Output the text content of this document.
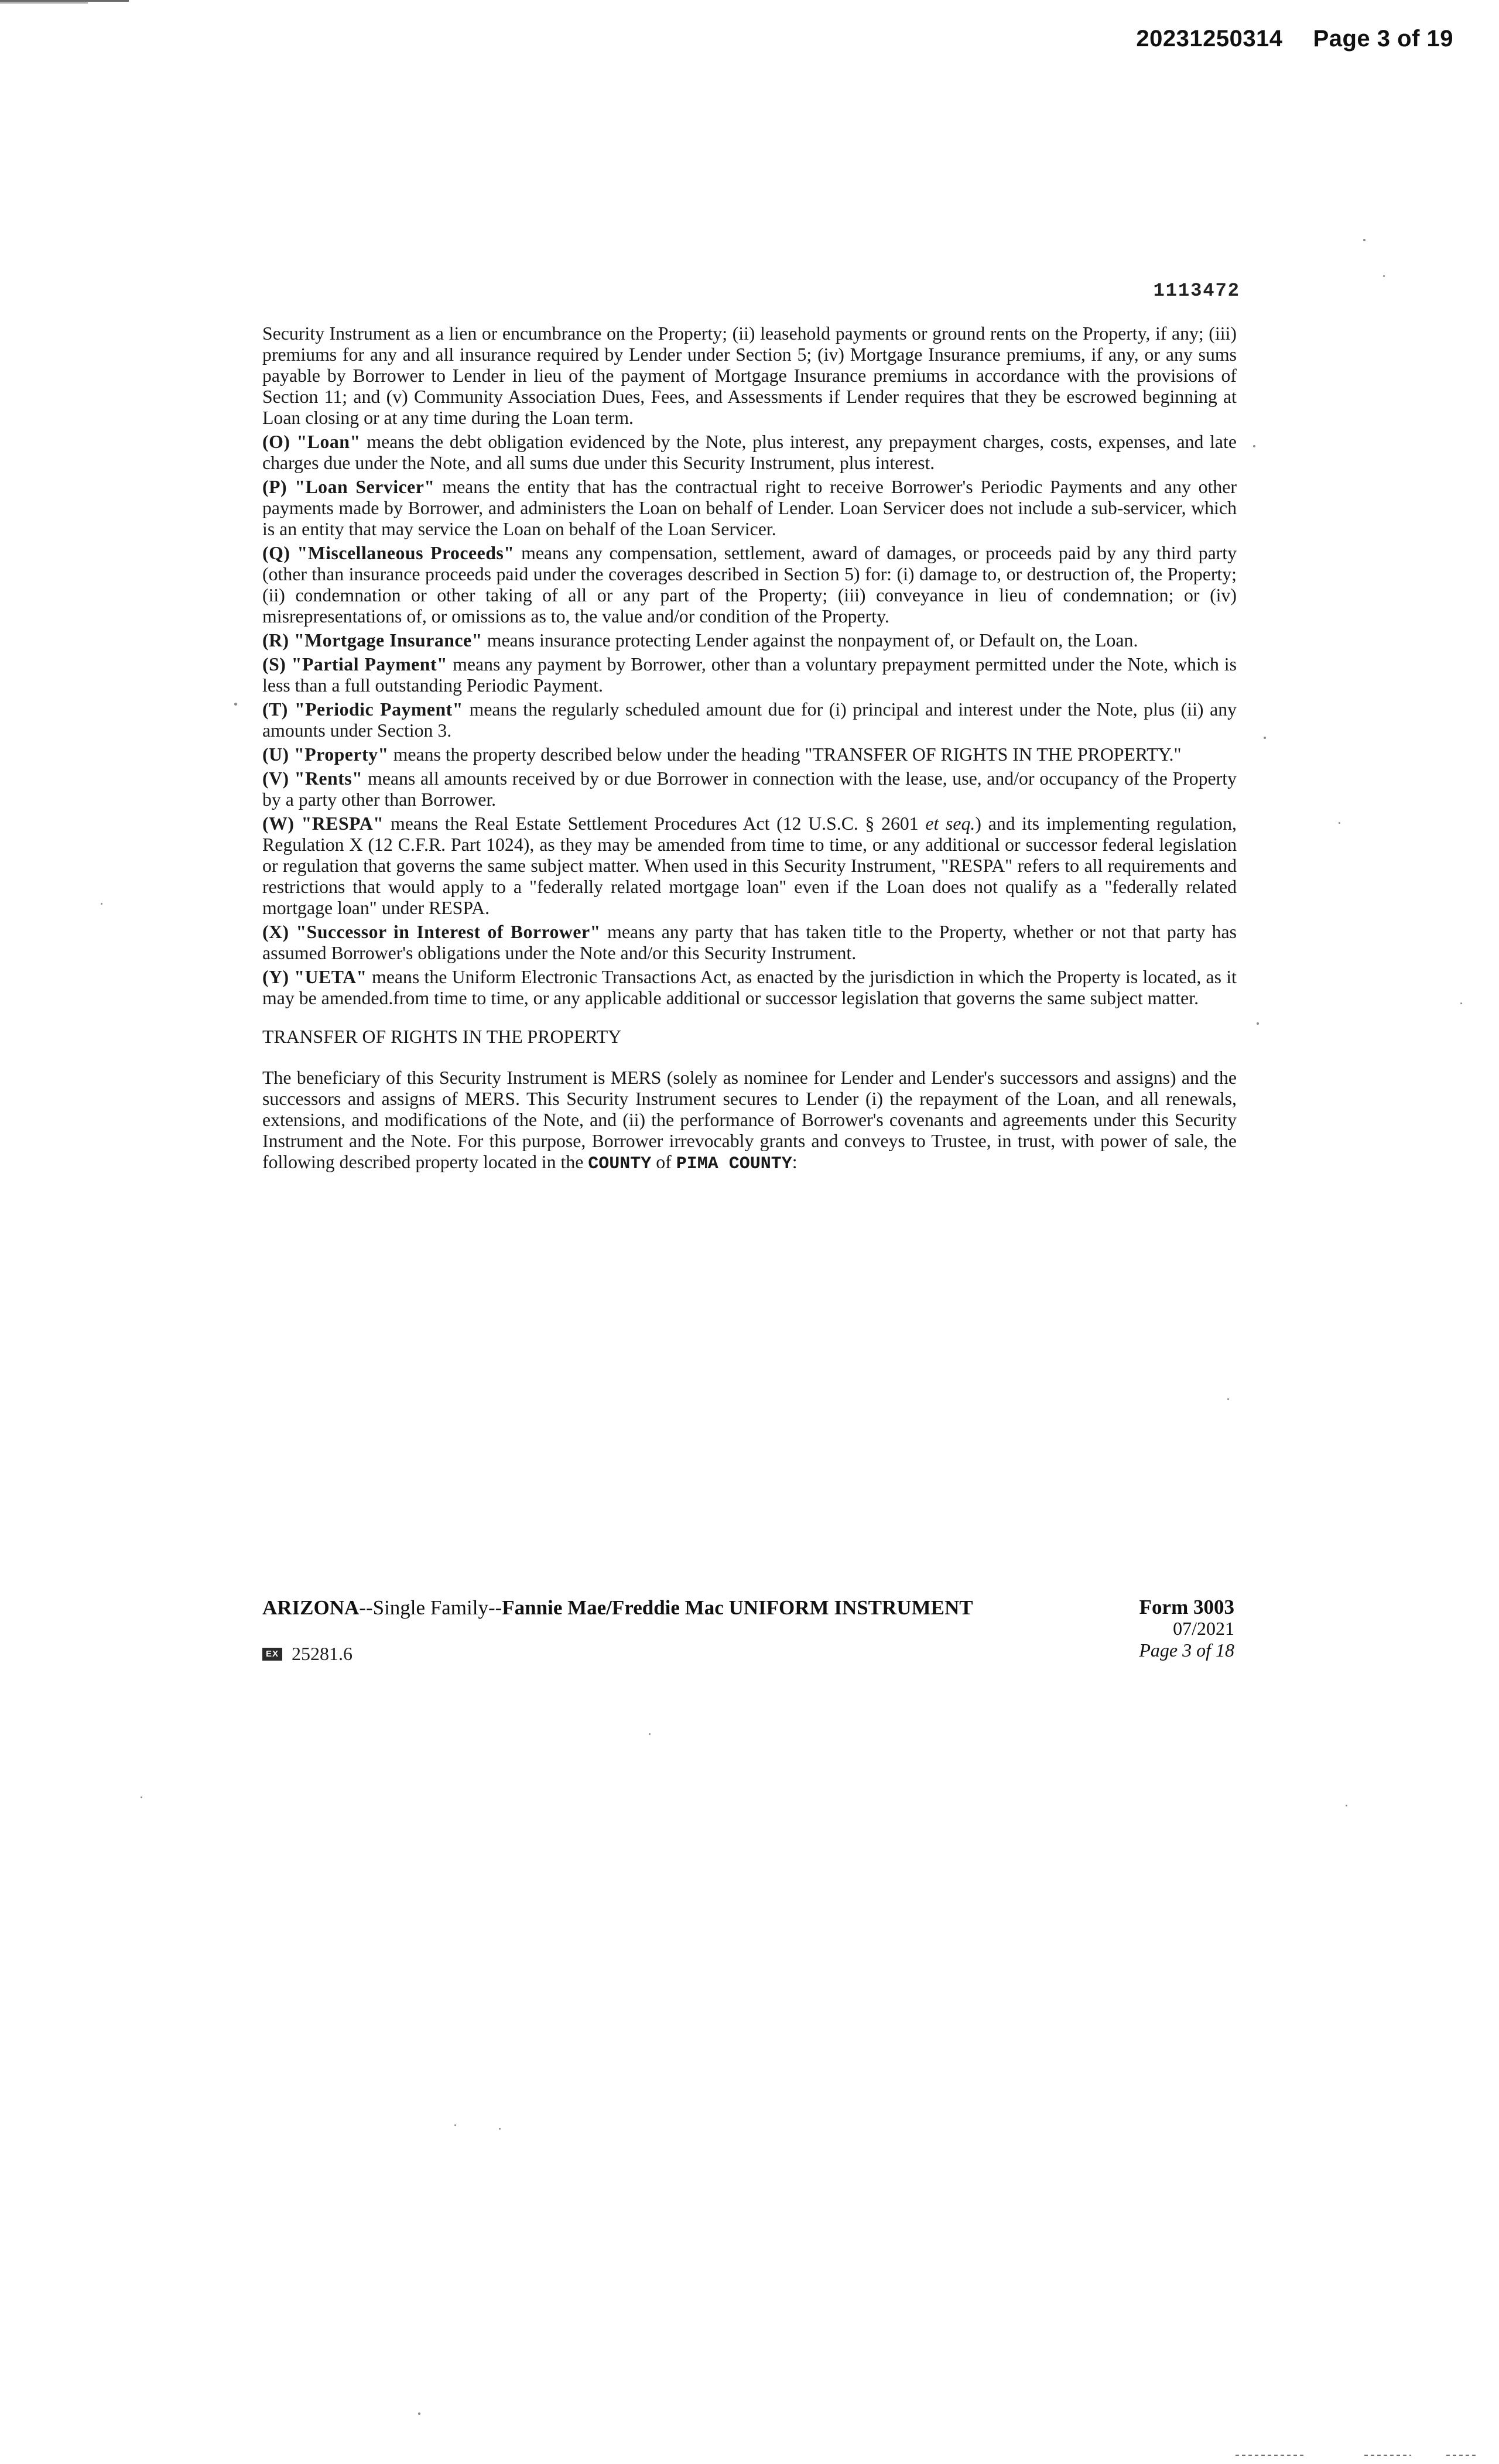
20231250314 Page 3 of 19
1113472

Security Instrument as a lien or encumbrance on the Property; (ii) leasehold payments or ground rents on the Property, if any; (iii) premiums for any and all insurance required by Lender under Section 5; (iv) Mortgage Insurance premiums, if any, or any sums payable by Borrower to Lender in lieu of the payment of Mortgage Insurance premiums in accordance with the provisions of Section 11; and (v) Community Association Dues, Fees, and Assessments if Lender requires that they be escrowed beginning at Loan closing or at any time during the Loan term.

(O) "Loan" means the debt obligation evidenced by the Note, plus interest, any prepayment charges, costs, expenses, and late charges due under the Note, and all sums due under this Security Instrument, plus interest.

(P) "Loan Servicer" means the entity that has the contractual right to receive Borrower's Periodic Payments and any other payments made by Borrower, and administers the Loan on behalf of Lender. Loan Servicer does not include a sub-servicer, which is an entity that may service the Loan on behalf of the Loan Servicer.

(Q) "Miscellaneous Proceeds" means any compensation, settlement, award of damages, or proceeds paid by any third party (other than insurance proceeds paid under the coverages described in Section 5) for: (i) damage to, or destruction of, the Property; (ii) condemnation or other taking of all or any part of the Property; (iii) conveyance in lieu of condemnation; or (iv) misrepresentations of, or omissions as to, the value and/or condition of the Property.

(R) "Mortgage Insurance" means insurance protecting Lender against the nonpayment of, or Default on, the Loan.

(S) "Partial Payment" means any payment by Borrower, other than a voluntary prepayment permitted under the Note, which is less than a full outstanding Periodic Payment.

(T) "Periodic Payment" means the regularly scheduled amount due for (i) principal and interest under the Note, plus (ii) any amounts under Section 3.

(U) "Property" means the property described below under the heading "TRANSFER OF RIGHTS IN THE PROPERTY."

(V) "Rents" means all amounts received by or due Borrower in connection with the lease, use, and/or occupancy of the Property by a party other than Borrower.

(W) "RESPA" means the Real Estate Settlement Procedures Act (12 U.S.C. § 2601 et seq.) and its implementing regulation, Regulation X (12 C.F.R. Part 1024), as they may be amended from time to time, or any additional or successor federal legislation or regulation that governs the same subject matter. When used in this Security Instrument, "RESPA" refers to all requirements and restrictions that would apply to a "federally related mortgage loan" even if the Loan does not qualify as a "federally related mortgage loan" under RESPA.

(X) "Successor in Interest of Borrower" means any party that has taken title to the Property, whether or not that party has assumed Borrower's obligations under the Note and/or this Security Instrument.

(Y) "UETA" means the Uniform Electronic Transactions Act, as enacted by the jurisdiction in which the Property is located, as it may be amended.from time to time, or any applicable additional or successor legislation that governs the same subject matter.

TRANSFER OF RIGHTS IN THE PROPERTY

The beneficiary of this Security Instrument is MERS (solely as nominee for Lender and Lender's successors and assigns) and the successors and assigns of MERS. This Security Instrument secures to Lender (i) the repayment of the Loan, and all renewals, extensions, and modifications of the Note, and (ii) the performance of Borrower's covenants and agreements under this Security Instrument and the Note. For this purpose, Borrower irrevocably grants and conveys to Trustee, in trust, with power of sale, the following described property located in the COUNTY of PIMA COUNTY:

ARIZONA--Single Family--Fannie Mae/Freddie Mac UNIFORM INSTRUMENT
EX 25281.6
Form 3003
07/2021
Page 3 of 18
